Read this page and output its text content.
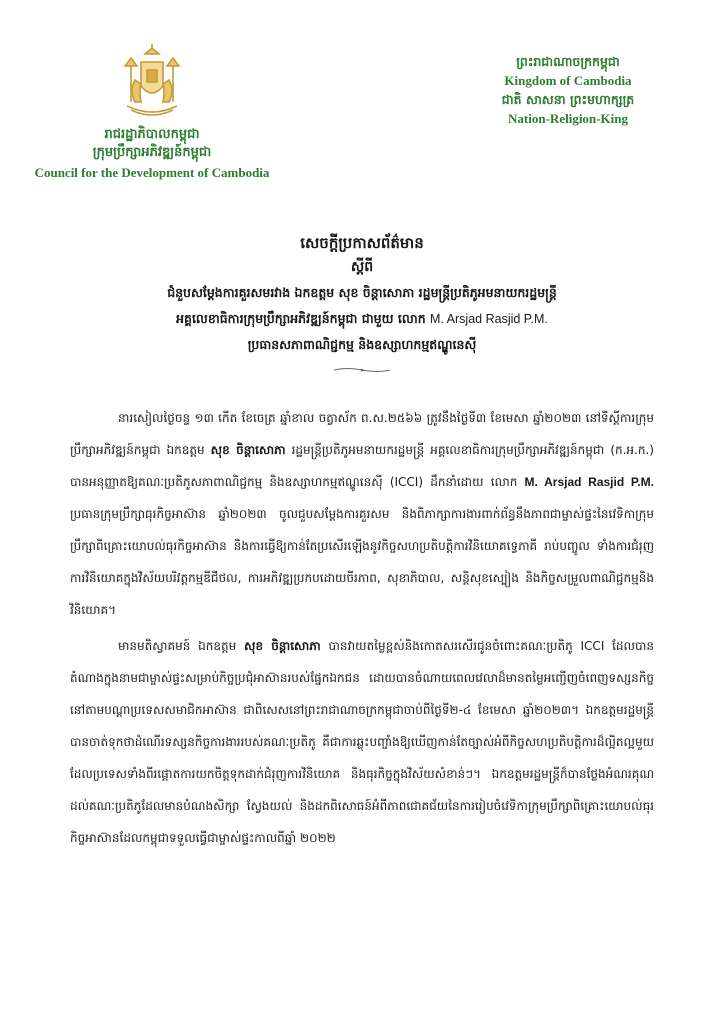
រាជរដ្ឋាភិបាលកម្ពុជា
ក្រុមប្រឹក្សាអភិវឌ្ឍន៍កម្ពុជា
Council for the Development of Cambodia
ព្រះរាជាណាចក្រកម្ពុជា
Kingdom of Cambodia
ជាតិ សាសនា ព្រះមហាក្សត្រ
Nation-Religion-King
សេចក្តីប្រកាសព័ត៌មាន
ស្តីពី
ជំនួបសម្តែងការគួរសមរវាង ឯកឧត្តម សុខ ចិន្ដាសោភា រដ្ឋមន្ត្រីប្រតិភូអមនាយករដ្ឋមន្ត្រី
អគ្គលេខាធិការក្រុមប្រឹក្សាអភិវឌ្ឍន៍កម្ពុជា ជាមួយ លោក M. Arsjad Rasjid P.M.
ប្រធានសភាពាណិជ្ជកម្ម និងឧស្សាហកម្មឥណ្ឌូនេស៊ី

នារសៀលថ្ងៃចន្ទ ១៣ កើត ខែចេត្រ ឆ្នាំខាល ចត្វាស័ក ព.ស.២៥៦៦ ត្រូវនឹងថ្ងៃទី៣ ខែមេសា ឆ្នាំ២០២៣ នៅទីស្តីការក្រុមប្រឹក្សាអភិវឌ្ឍន៍កម្ពុជា ឯកឧត្តម សុខ ចិន្ដាសោភា រដ្ឋមន្ត្រីប្រតិភូអមនាយករដ្ឋមន្ត្រី អគ្គលេខាធិការក្រុមប្រឹក្សាអភិវឌ្ឍន៍កម្ពុជា (ក.អ.ក.) បានអនុញ្ញាតឱ្យគណៈប្រតិភូសភាពាណិជ្ជកម្ម និងឧស្សាហកម្មឥណ្ឌូនេស៊ី (ICCI) ដឹកនាំដោយ លោក M. Arsjad Rasjid P.M. ប្រធានក្រុមប្រឹក្សាធុរកិច្ចអាស៊ាន ឆ្នាំ២០២៣ ចូលជួបសម្តែងការគួរសម និងពិភាក្សាការងារពាក់ព័ន្ធនឹងភាពជាម្ចាស់ផ្ទះនៃវេទិកាក្រុមប្រឹក្សាពិគ្រោះយោបល់ធុរកិច្ចអាស៊ាន និងការធ្វើឱ្យកាន់តែប្រសើរឡើងនូវកិច្ចសហប្រតិបត្តិការវិនិយោគទ្វេភាគី រាប់បញ្ចូល ទាំងការជំរុញការវិនិយោគក្នុងវិស័យបរិវត្តកម្មឌីជីថល, ការអភិវឌ្ឍប្រកបដោយចីរភាព, សុខាភិបាល, សន្តិសុខស្បៀង និងកិច្ចសម្រួលពាណិជ្ជកម្មនិងវិនិយោគ។

មានមតិស្វាគមន៍ ឯកឧត្តម សុខ ចិន្ដាសោភា បានវាយតម្លៃខ្ពស់និងកោតសរសើរជូនចំពោះគណៈប្រតិភូ ICCI ដែលបានតំណាងក្នុងនាមជាម្ចាស់ផ្ទះសម្រាប់កិច្ចប្រជុំអាស៊ានរបស់ផ្នែកឯកជន ដោយបានចំណាយពេលវេលាដ៏មានតម្លៃអញ្ជើញចំពេញទស្សនកិច្ចនៅតាមបណ្តាប្រទេសសមាជិកអាស៊ាន ជាពិសេសនៅព្រះរាជាណាចក្រកម្ពុជាចាប់ពីថ្ងៃទី២-៤ ខែមេសា ឆ្នាំ២០២៣។ ឯកឧត្តមរដ្ឋមន្ត្រីបានចាត់ទុកថាដំណើរទស្សនកិច្ចការងាររបស់គណៈប្រតិភូ គឺជាការឆ្លុះបញ្ចាំងឱ្យឃើញកាន់តែច្បាស់អំពីកិច្ចសហប្រតិបត្តិការដ៏ល្អិតល្អមួយដែលប្រទេសទាំងពីរផ្តោតការយកចិត្តទុកដាក់ជំរុញការវិនិយោគ និងធុរកិច្ចក្នុងវិស័យសំខាន់ៗ។ ឯកឧត្តមរដ្ឋមន្ត្រីក៏បានថ្លែងអំណរគុណដល់គណៈប្រតិភូដែលមានបំណងសិក្សា ស្វែងយល់ និងដកពិសោធន៍អំពីភាពជោគជ័យនៃការរៀបចំវេទិកាក្រុមប្រឹក្សាពិគ្រោះយោបល់ធុរកិច្ចអាស៊ានដែលកម្ពុជាទទួលធ្វើជាម្ចាស់ផ្ទះកាលពីឆ្នាំ ២០២២
